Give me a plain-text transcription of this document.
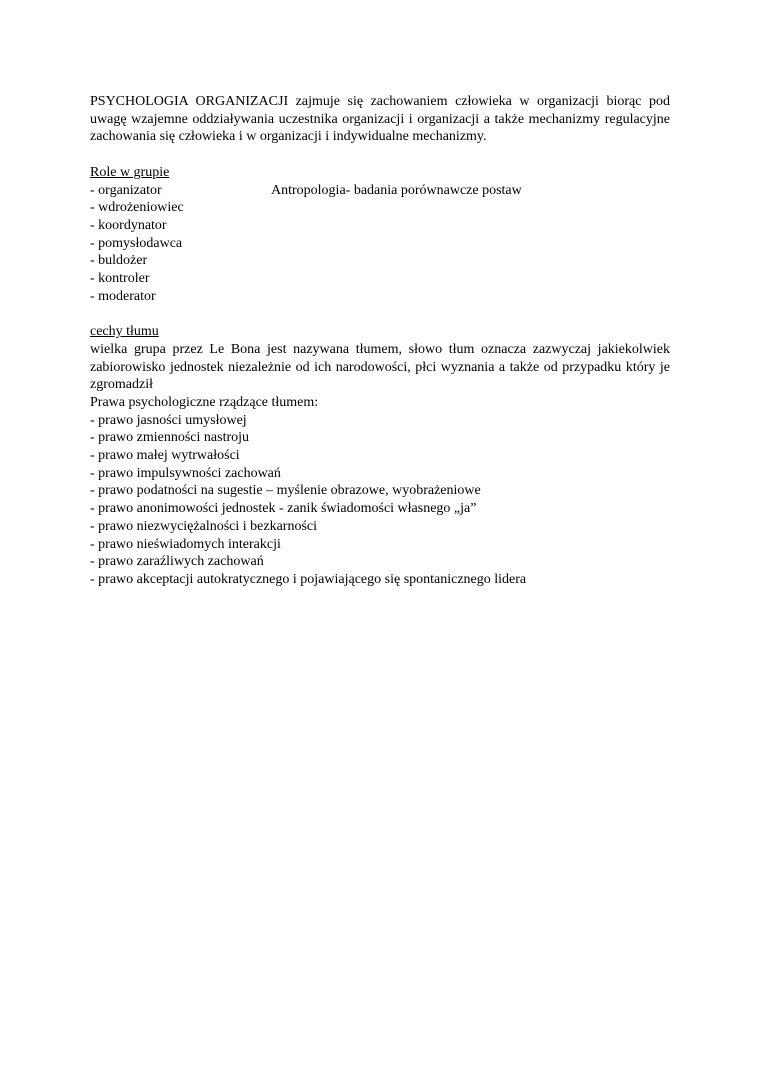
PSYCHOLOGIA ORGANIZACJI zajmuje się zachowaniem człowieka w organizacji biorąc pod uwagę wzajemne oddziaływania uczestnika organizacji i organizacji a także mechanizmy regulacyjne zachowania się człowieka i w organizacji i indywidualne mechanizmy.

Role w grupie

Antropologia- badania porównawcze postaw
- organizator
- wdrożeniowiec
- koordynator
- pomysłodawca
- buldożer
- kontroler
- moderator

cechy tłumu

wielka grupa przez Le Bona jest nazywana tłumem, słowo tłum oznacza zazwyczaj jakiekolwiek zabiorowisko jednostek niezależnie od ich narodowości, płci wyznania a także od przypadku który je zgromadził

Prawa psychologiczne rządzące tłumem:

- prawo jasności umysłowej
- prawo zmienności nastroju
- prawo małej wytrwałości
- prawo impulsywności zachowań
- prawo podatności na sugestie – myślenie obrazowe, wyobrażeniowe
- prawo anonimowości jednostek - zanik świadomości własnego „ja”
- prawo niezwyciężalności i bezkarności
- prawo nieświadomych interakcji
- prawo zaraźliwych zachowań
- prawo akceptacji autokratycznego i pojawiającego się spontanicznego lidera
